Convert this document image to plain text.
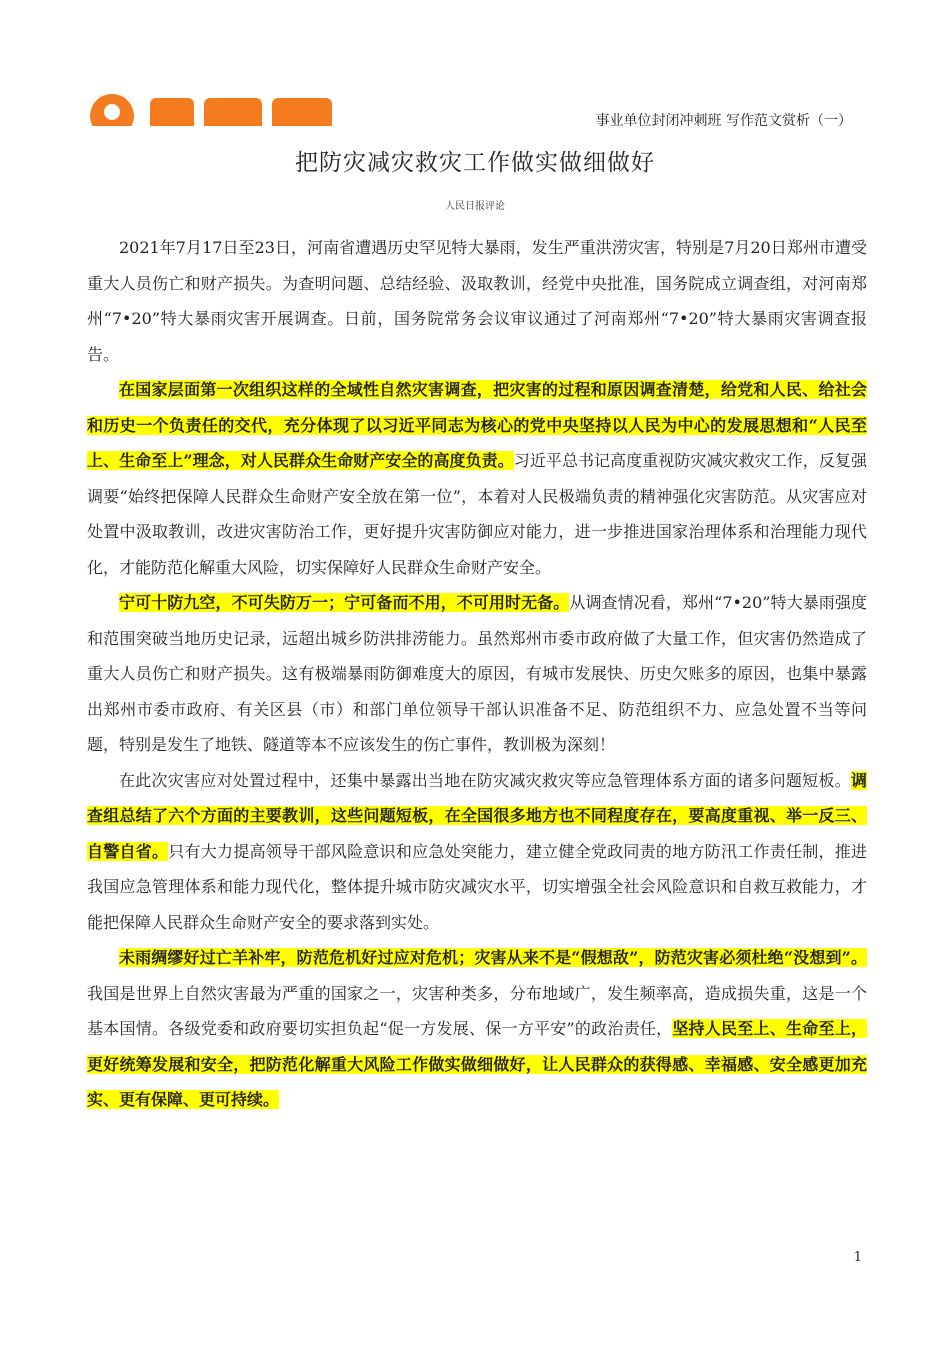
事业单位封闭冲刺班 写作范文赏析（一）
把防灾减灾救灾工作做实做细做好
人民日报评论

2021年7月17日至23日，河南省遭遇历史罕见特大暴雨，发生严重洪涝灾害，特别是7月20日郑州市遭受重大人员伤亡和财产损失。为查明问题、总结经验、汲取教训，经党中央批准，国务院成立调查组，对河南郑州“7•20”特大暴雨灾害开展调查。日前，国务院常务会议审议通过了河南郑州“7•20”特大暴雨灾害调查报告。

在国家层面第一次组织这样的全域性自然灾害调查，把灾害的过程和原因调查清楚，给党和人民、给社会和历史一个负责任的交代，充分体现了以习近平同志为核心的党中央坚持以人民为中心的发展思想和“人民至上、生命至上”理念，对人民群众生命财产安全的高度负责。习近平总书记高度重视防灾减灾救灾工作，反复强调要“始终把保障人民群众生命财产安全放在第一位”，本着对人民极端负责的精神强化灾害防范。从灾害应对处置中汲取教训，改进灾害防治工作，更好提升灾害防御应对能力，进一步推进国家治理体系和治理能力现代化，才能防范化解重大风险，切实保障好人民群众生命财产安全。

宁可十防九空，不可失防万一；宁可备而不用，不可用时无备。从调查情况看，郑州“7•20”特大暴雨强度和范围突破当地历史记录，远超出城乡防洪排涝能力。虽然郑州市委市政府做了大量工作，但灾害仍然造成了重大人员伤亡和财产损失。这有极端暴雨防御难度大的原因，有城市发展快、历史欠账多的原因，也集中暴露出郑州市委市政府、有关区县（市）和部门单位领导干部认识准备不足、防范组织不力、应急处置不当等问题，特别是发生了地铁、隧道等本不应该发生的伤亡事件，教训极为深刻！

在此次灾害应对处置过程中，还集中暴露出当地在防灾减灾救灾等应急管理体系方面的诸多问题短板。调查组总结了六个方面的主要教训，这些问题短板，在全国很多地方也不同程度存在，要高度重视、举一反三、自警自省。只有大力提高领导干部风险意识和应急处突能力，建立健全党政同责的地方防汛工作责任制，推进我国应急管理体系和能力现代化，整体提升城市防灾减灾水平，切实增强全社会风险意识和自救互救能力，才能把保障人民群众生命财产安全的要求落到实处。

未雨绸缪好过亡羊补牢，防范危机好过应对危机；灾害从来不是“假想敌”，防范灾害必须杜绝“没想到”。我国是世界上自然灾害最为严重的国家之一，灾害种类多，分布地域广，发生频率高，造成损失重，这是一个基本国情。各级党委和政府要切实担负起“促一方发展、保一方平安”的政治责任，坚持人民至上、生命至上，更好统筹发展和安全，把防范化解重大风险工作做实做细做好，让人民群众的获得感、幸福感、安全感更加充实、更有保障、更可持续。

1
